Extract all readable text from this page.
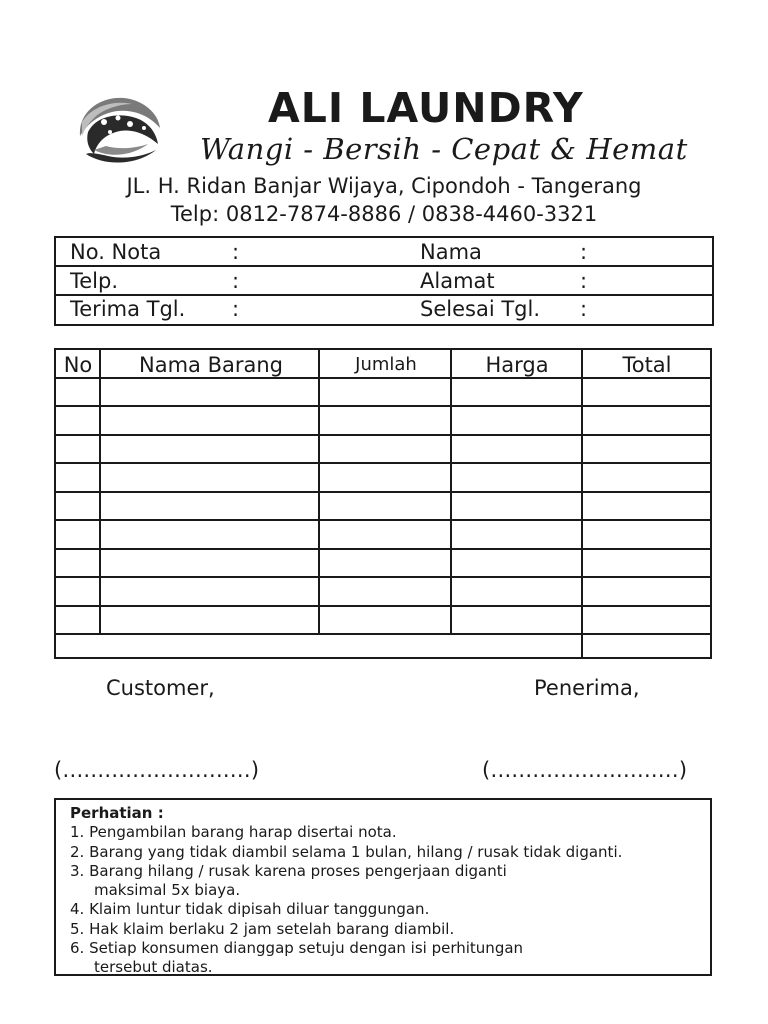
ALI LAUNDRY
Wangi - Bersih - Cepat & Hemat
JL. H. Ridan Banjar Wijaya, Cipondoh - Tangerang
Telp: 0812-7874-8886 / 0838-4460-3321
No. Nota	:	Nama	:
Telp.	:	Alamat	:
Terima Tgl. :	Selesai Tgl. :
No	Nama Barang	Jumlah	Harga	Total
Customer,	Penerima,
(...........................)	(...........................)
Perhatian :
1. Pengambilan barang harap disertai nota.
2. Barang yang tidak diambil selama 1 bulan, hilang / rusak tidak diganti.
3. Barang hilang / rusak karena proses pengerjaan diganti
maksimal 5x biaya.
4. Klaim luntur tidak dipisah diluar tanggungan.
5. Hak klaim berlaku 2 jam setelah barang diambil.
6. Setiap konsumen dianggap setuju dengan isi perhitungan
tersebut diatas.
